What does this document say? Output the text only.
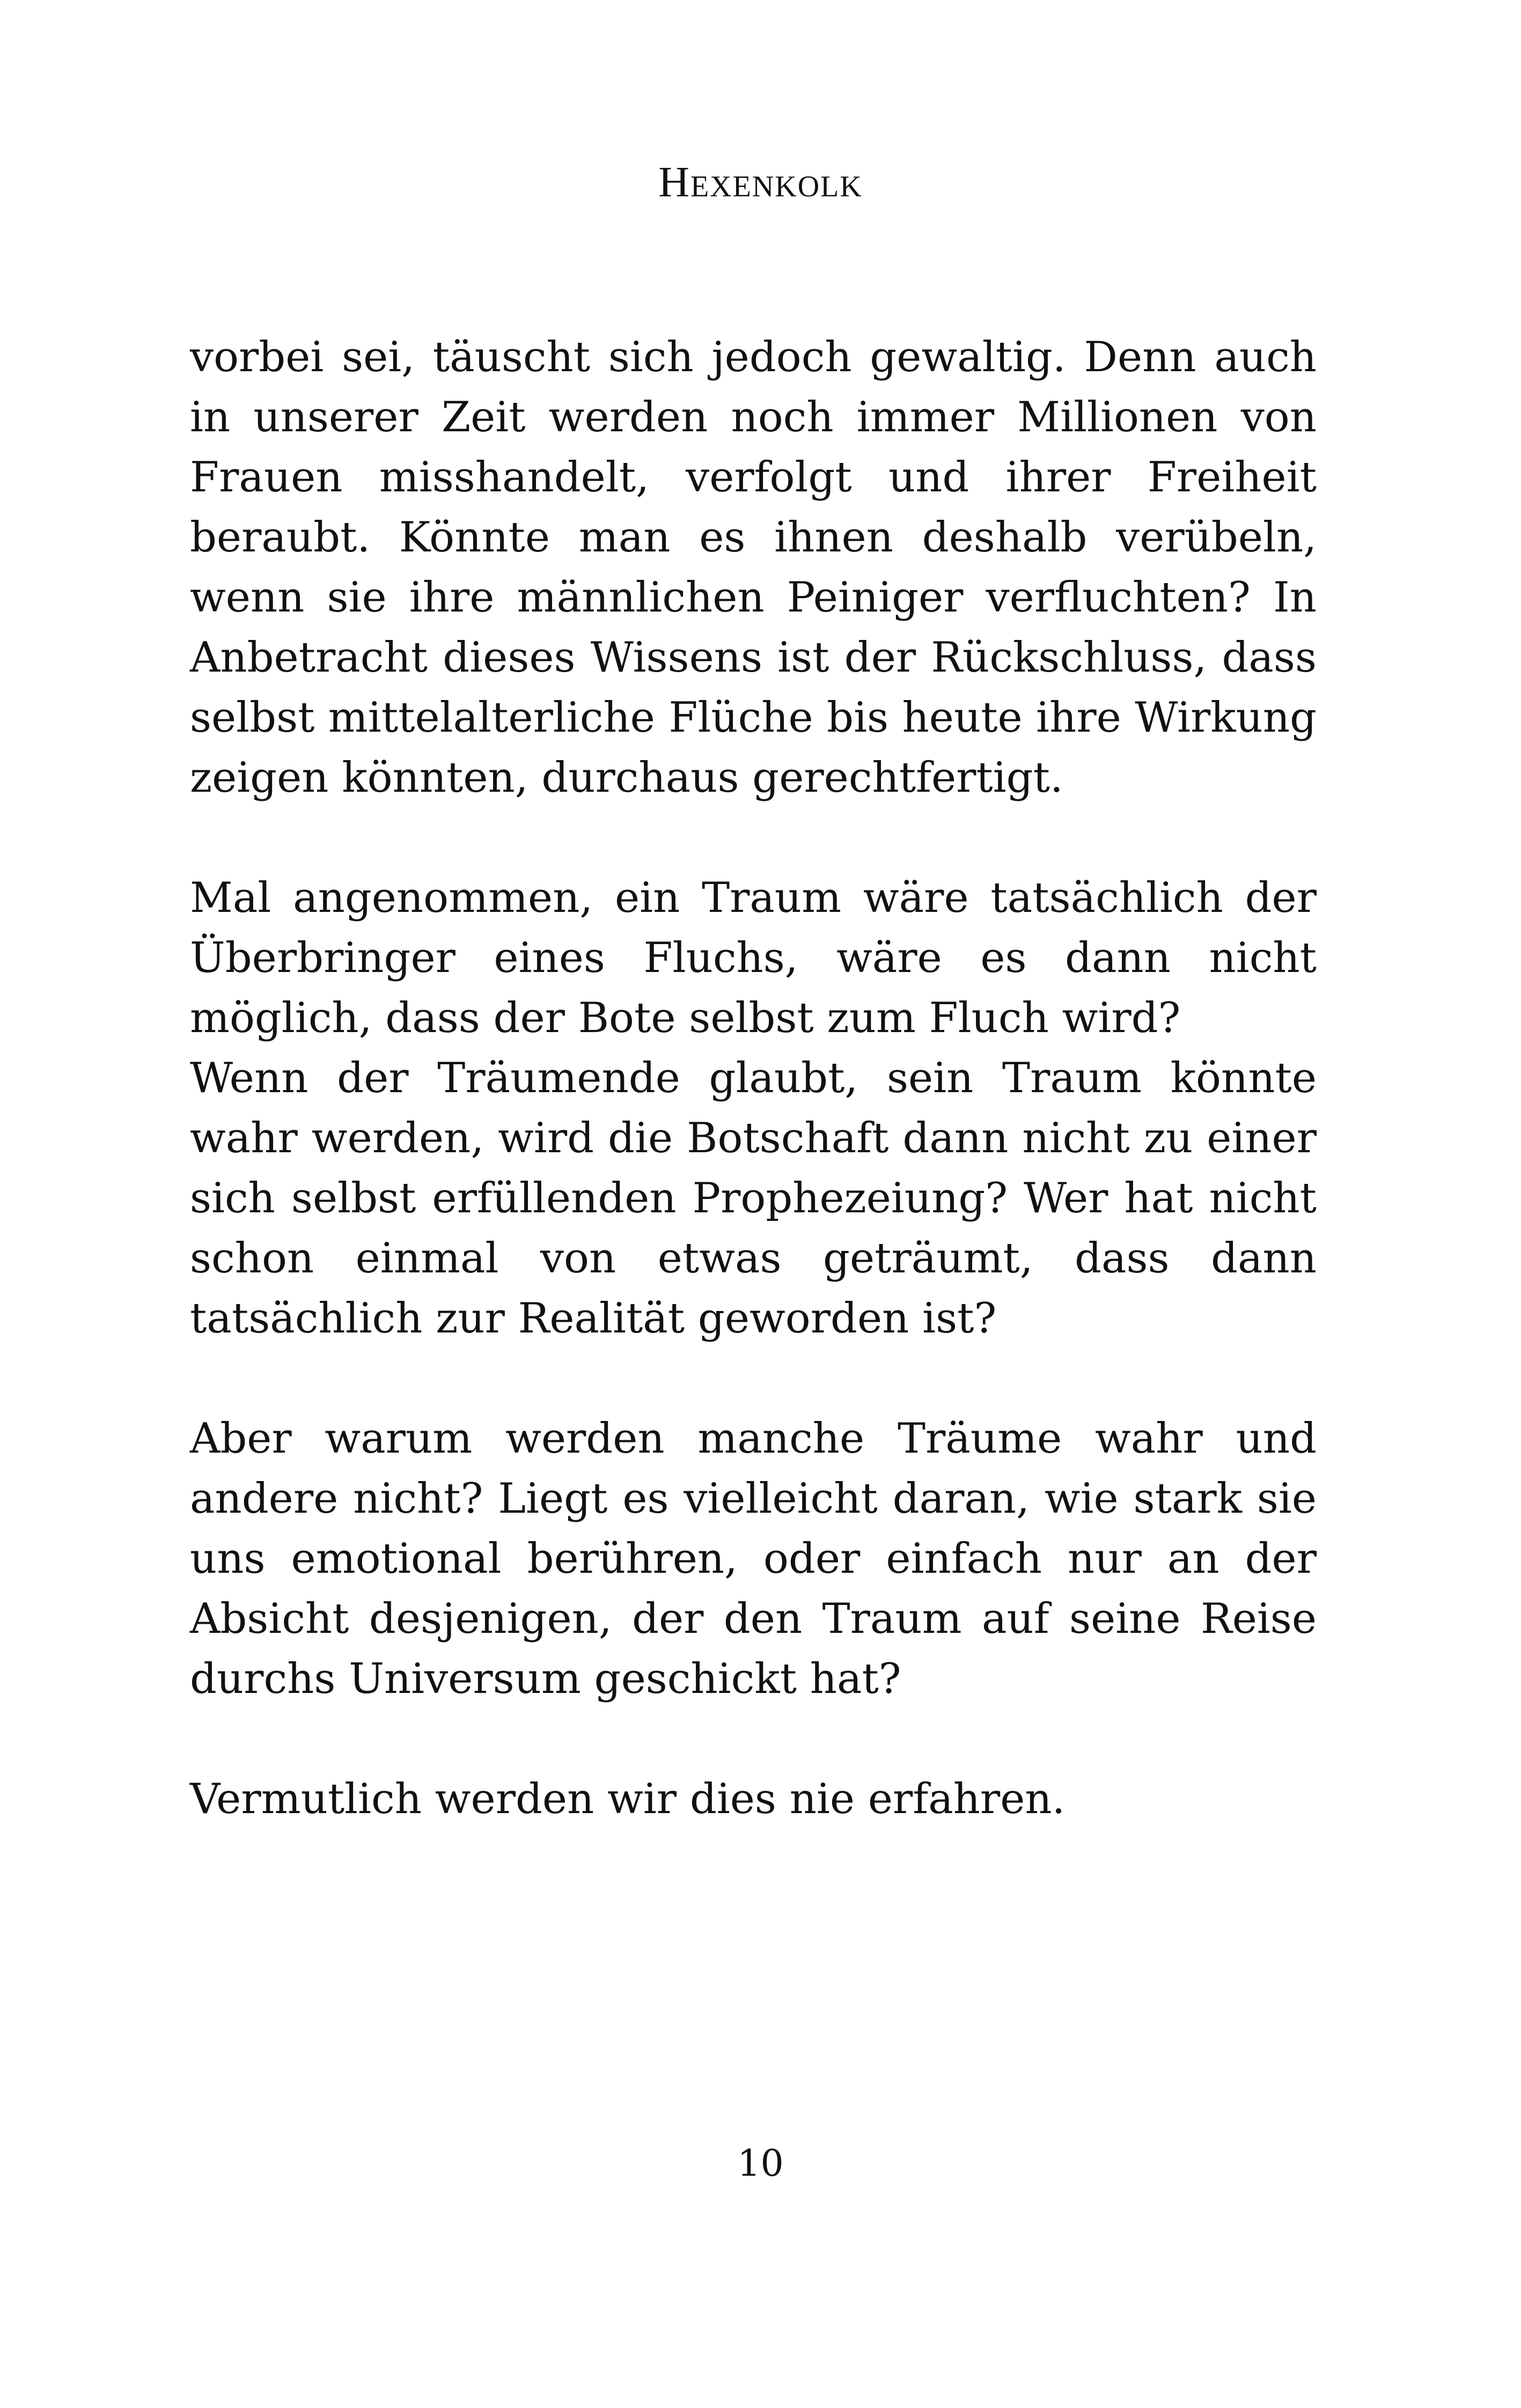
Hexenkolk

vorbei sei, täuscht sich jedoch gewaltig. Denn auch
in unserer Zeit werden noch immer Millionen von
Frauen misshandelt, verfolgt und ihrer Freiheit
beraubt. Könnte man es ihnen deshalb verübeln,
wenn sie ihre männlichen Peiniger verfluchten? In
Anbetracht dieses Wissens ist der Rückschluss, dass
selbst mittelalterliche Flüche bis heute ihre Wirkung
zeigen könnten, durchaus gerechtfertigt.

Mal angenommen, ein Traum wäre tatsächlich der
Überbringer eines Fluchs, wäre es dann nicht
möglich, dass der Bote selbst zum Fluch wird?
Wenn der Träumende glaubt, sein Traum könnte
wahr werden, wird die Botschaft dann nicht zu einer
sich selbst erfüllenden Prophezeiung? Wer hat nicht
schon einmal von etwas geträumt, dass dann
tatsächlich zur Realität geworden ist?

Aber warum werden manche Träume wahr und
andere nicht? Liegt es vielleicht daran, wie stark sie
uns emotional berühren, oder einfach nur an der
Absicht desjenigen, der den Traum auf seine Reise
durchs Universum geschickt hat?

Vermutlich werden wir dies nie erfahren.

10
